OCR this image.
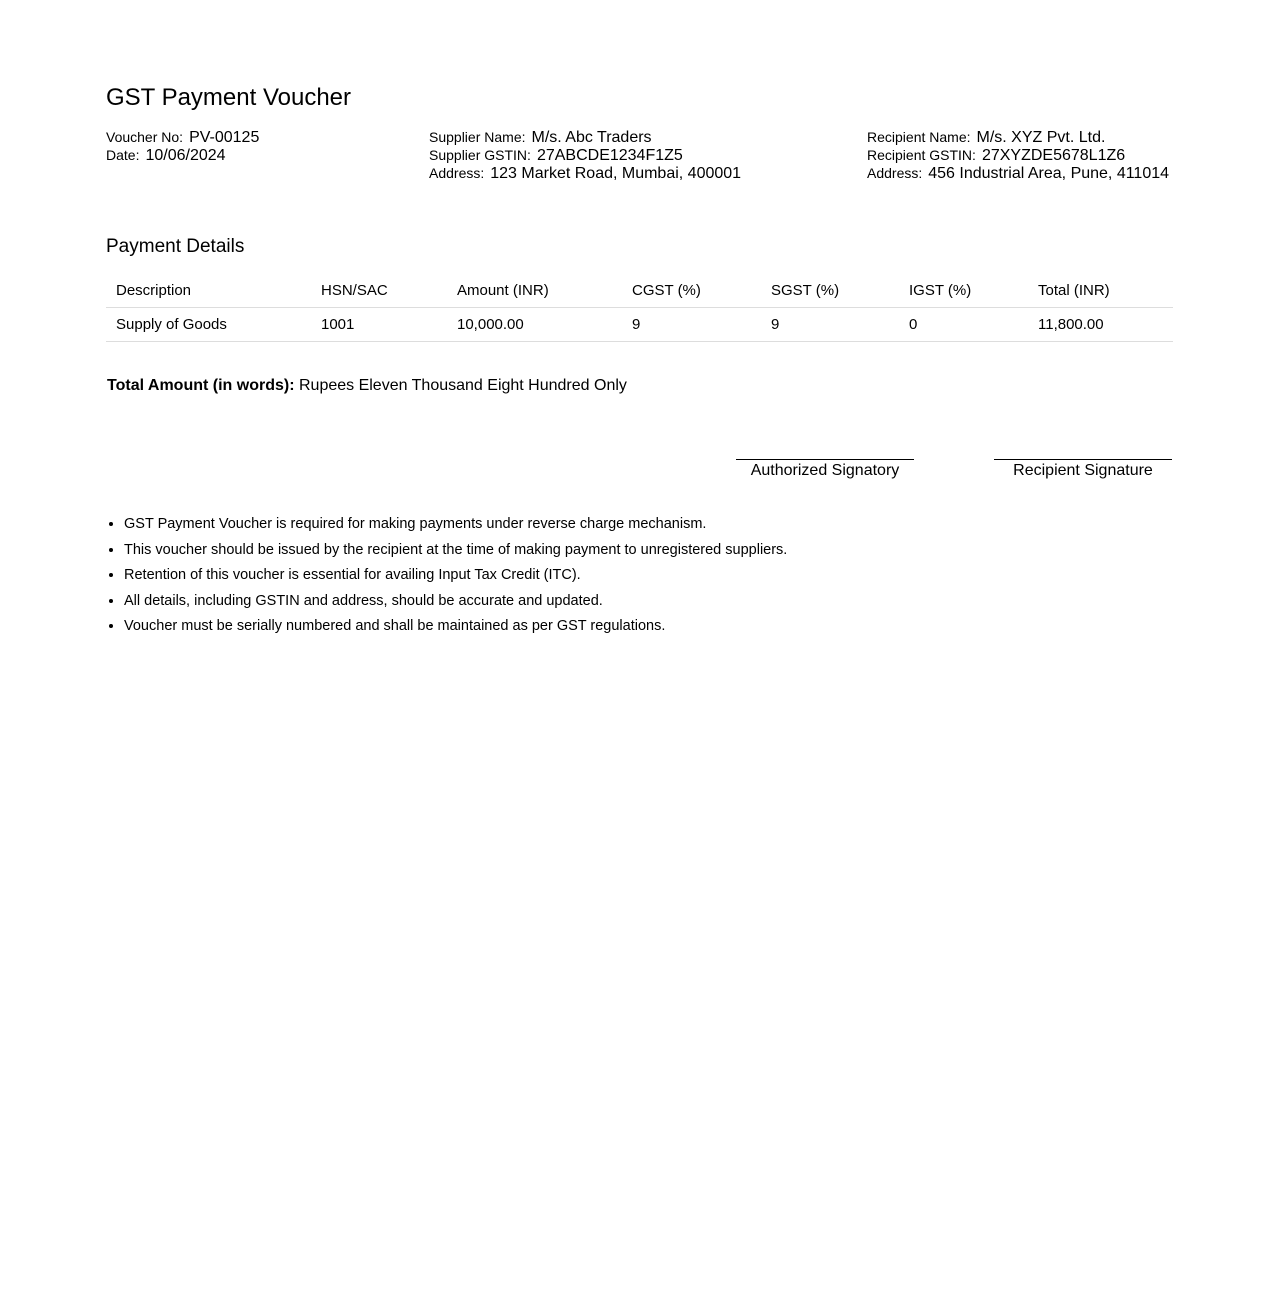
GST Payment Voucher
Voucher No: PV-00125
Date: 10/06/2024
Supplier Name: M/s. Abc Traders
Supplier GSTIN: 27ABCDE1234F1Z5
Address: 123 Market Road, Mumbai, 400001
Recipient Name: M/s. XYZ Pvt. Ltd.
Recipient GSTIN: 27XYZDE5678L1Z6
Address: 456 Industrial Area, Pune, 411014
Payment Details
Description	HSN/SAC	Amount (INR)	CGST (%)	SGST (%)	IGST (%)	Total (INR)
Supply of Goods	1001	10,000.00	9	9	0	11,800.00
Total Amount (in words): Rupees Eleven Thousand Eight Hundred Only
Authorized Signatory	Recipient Signature
• GST Payment Voucher is required for making payments under reverse charge mechanism.
• This voucher should be issued by the recipient at the time of making payment to unregistered suppliers.
• Retention of this voucher is essential for availing Input Tax Credit (ITC).
• All details, including GSTIN and address, should be accurate and updated.
• Voucher must be serially numbered and shall be maintained as per GST regulations.
